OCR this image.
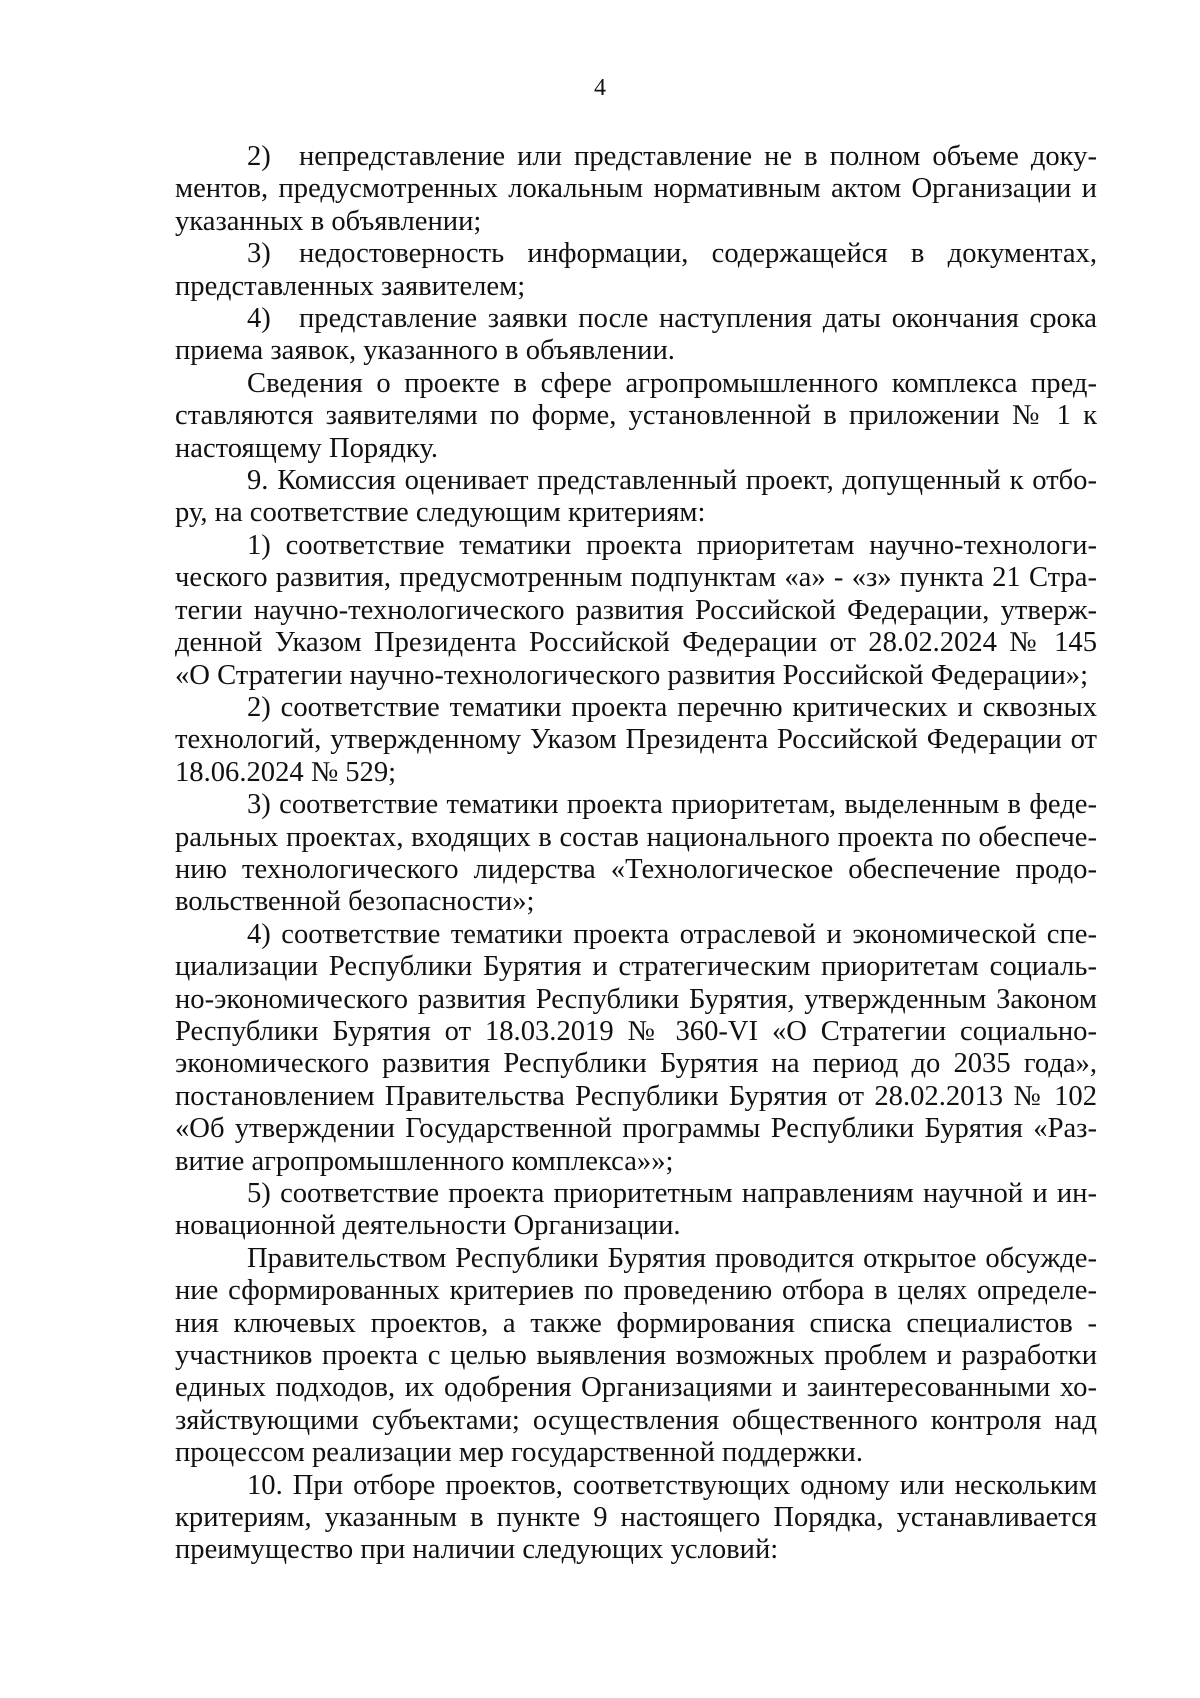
4

2) непредставление или представление не в полном объеме доку-

ментов, предусмотренных локальным нормативным актом Организации и

указанных в объявлении;

3) недостоверность информации, содержащейся в документах,

представленных заявителем;

4) представление заявки после наступления даты окончания срока

приема заявок, указанного в объявлении.

Сведения о проекте в сфере агропромышленного комплекса пред-

ставляются заявителями по форме, установленной в приложении № 1 к

настоящему Порядку.

9. Комиссия оценивает представленный проект, допущенный к отбо-

ру, на соответствие следующим критериям:

1) соответствие тематики проекта приоритетам научно-технологи-

ческого развития, предусмотренным подпунктам «а» - «з» пункта 21 Стра-

тегии научно-технологического развития Российской Федерации, утверж-

денной Указом Президента Российской Федерации от 28.02.2024 № 145

«О Стратегии научно-технологического развития Российской Федерации»;

2) соответствие тематики проекта перечню критических и сквозных

технологий, утвержденному Указом Президента Российской Федерации от

18.06.2024 № 529;

3) соответствие тематики проекта приоритетам, выделенным в феде-

ральных проектах, входящих в состав национального проекта по обеспече-

нию технологического лидерства «Технологическое обеспечение продо-

вольственной безопасности»;

4) соответствие тематики проекта отраслевой и экономической спе-

циализации Республики Бурятия и стратегическим приоритетам социаль-

но-экономического развития Республики Бурятия, утвержденным Законом

Республики Бурятия от 18.03.2019 № 360-VI «О Стратегии социально-

экономического развития Республики Бурятия на период до 2035 года»,

постановлением Правительства Республики Бурятия от 28.02.2013 № 102

«Об утверждении Государственной программы Республики Бурятия «Раз-

витие агропромышленного комплекса»»;

5) соответствие проекта приоритетным направлениям научной и ин-

новационной деятельности Организации.

Правительством Республики Бурятия проводится открытое обсужде-

ние сформированных критериев по проведению отбора в целях определе-

ния ключевых проектов, а также формирования списка специалистов -

участников проекта с целью выявления возможных проблем и разработки

единых подходов, их одобрения Организациями и заинтересованными хо-

зяйствующими субъектами; осуществления общественного контроля над

процессом реализации мер государственной поддержки.

10. При отборе проектов, соответствующих одному или нескольким

критериям, указанным в пункте 9 настоящего Порядка, устанавливается

преимущество при наличии следующих условий:
